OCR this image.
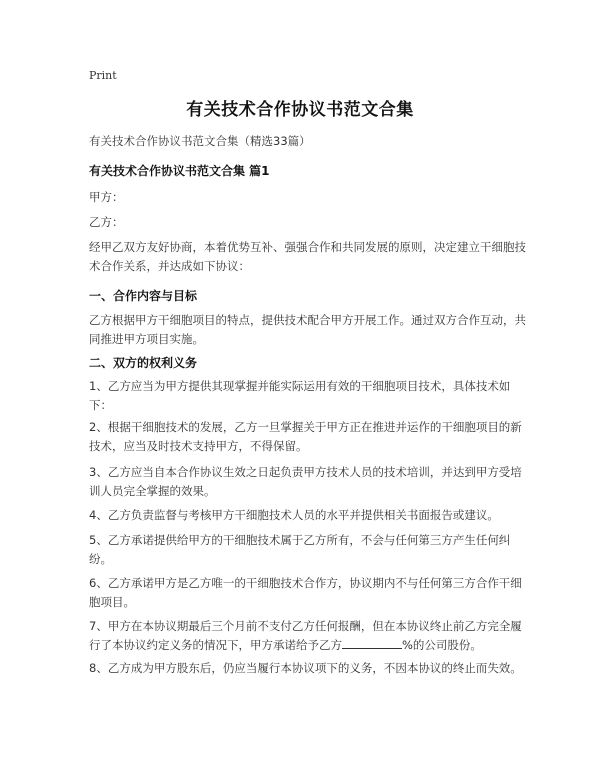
Print
有关技术合作协议书范文合集
有关技术合作协议书范文合集（精选33篇）
有关技术合作协议书范文合集 篇1
甲方：
乙方：

经甲乙双方友好协商，本着优势互补、强强合作和共同发展的原则，决定建立干细胞技术合作关系，并达成如下协议：

一、合作内容与目标

乙方根据甲方干细胞项目的特点，提供技术配合甲方开展工作。通过双方合作互动，共同推进甲方项目实施。

二、双方的权利义务

1、乙方应当为甲方提供其现掌握并能实际运用有效的干细胞项目技术，具体技术如下：

2、根据干细胞技术的发展，乙方一旦掌握关于甲方正在推进并运作的干细胞项目的新技术，应当及时技术支持甲方，不得保留。

3、乙方应当自本合作协议生效之日起负责甲方技术人员的技术培训，并达到甲方受培训人员完全掌握的效果。

4、乙方负责监督与考核甲方干细胞技术人员的水平并提供相关书面报告或建议。

5、乙方承诺提供给甲方的干细胞技术属于乙方所有，不会与任何第三方产生任何纠纷。

6、乙方承诺甲方是乙方唯一的干细胞技术合作方，协议期内不与任何第三方合作干细胞项目。

7、甲方在本协议期最后三个月前不支付乙方任何报酬，但在本协议终止前乙方完全履行了本协议约定义务的情况下，甲方承诺给予乙方	%的公司股份。

8、乙方成为甲方股东后，仍应当履行本协议项下的义务，不因本协议的终止而失效。
